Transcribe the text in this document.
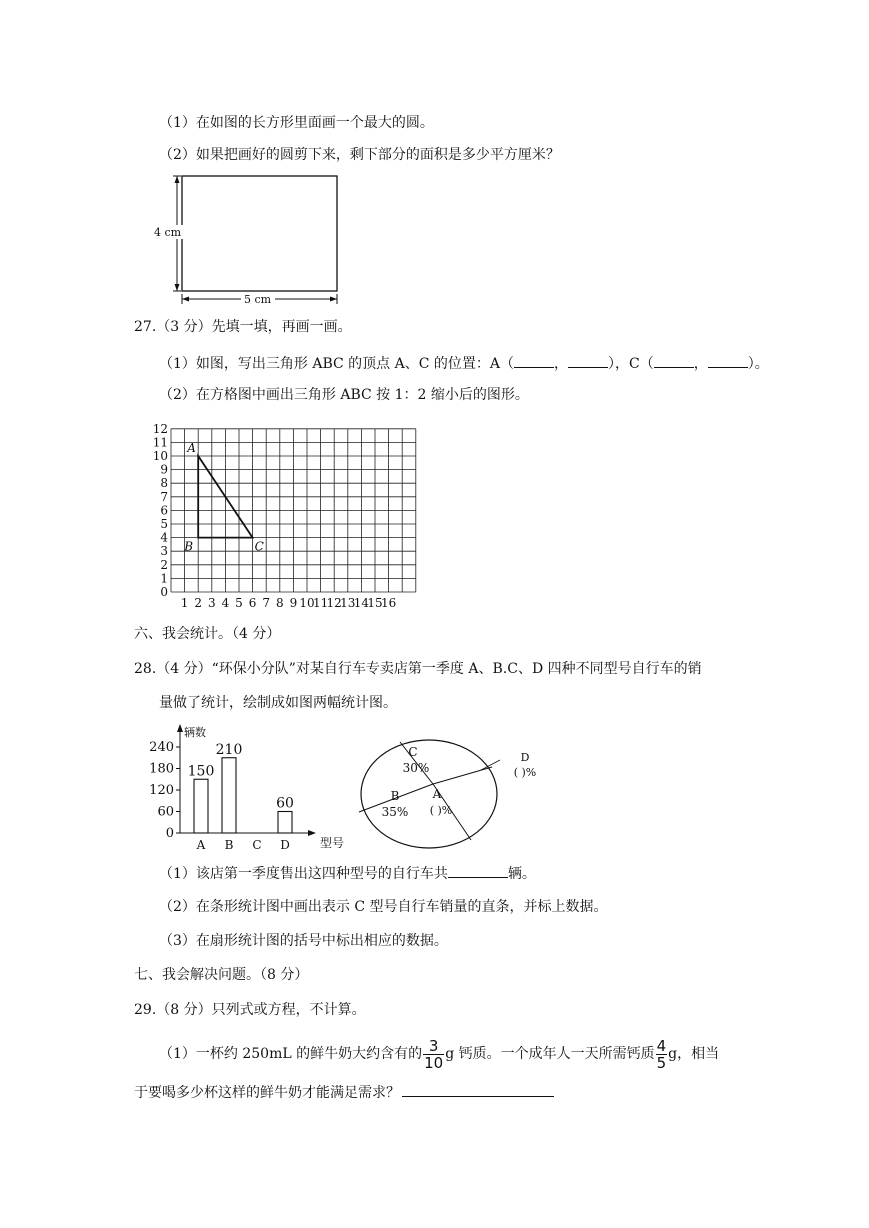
（1）在如图的长方形里面画一个最大的圆。
（2）如果把画好的圆剪下来，剩下部分的面积是多少平方厘米？
4 cm
5 cm
27.（3 分）先填一填，再画一画。
（1）如图，写出三角形 ABC 的顶点 A、C 的位置：A（	，	），C（	，	）。
（2）在方格图中画出三角形 ABC 按 1：2 缩小后的图形。
0
1
2
3
4
5
6
7
8
9
10
11
12
1 2 3 4 5 6 7 8 9 10
11
12
13
14
15
16
A
B	C
六、我会统计。（4 分）
28.（4 分）“环保小分队”对某自行车专卖店第一季度 A、B.C、D 四种不同型号自行车的销
量做了统计，绘制成如图两幅统计图。
辆数
型号
0
60
120
180
240
A
150
B
210
C D
60
C
30%
D
( )%
A
( )%
B
35%
（1）该店第一季度售出这四种型号的自行车共	辆。
（2）在条形统计图中画出表示 C 型号自行车销量的直条，并标上数据。
（3）在扇形统计图的括号中标出相应的数据。
七、我会解决问题。（8 分）
29.（8 分）只列式或方程，不计算。
（1）一杯约 250mL 的鲜牛奶大约含有的 $\frac{3}{10}$ g 钙质。一个成年人一天所需钙质 $\frac{4}{5}$ g，相当
于要喝多少杯这样的鲜牛奶才能满足需求？
